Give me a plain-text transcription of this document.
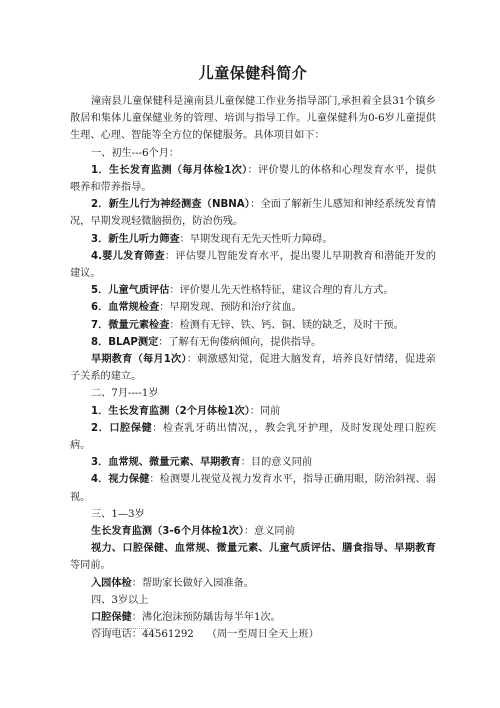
儿童保健科简介

潼南县儿童保健科是潼南县儿童保健工作业务指导部门,承担着全县31个镇乡散居和集体儿童保健业务的管理、培训与指导工作。儿童保健科为0-6岁儿童提供生理、心理、智能等全方位的保健服务。具体项目如下：

一、初生---6个月：

1．生长发育监测（每月体检1次）：评价婴儿的体格和心理发育水平，提供喂养和带养指导。

2．新生儿行为神经测查（NBNA）：全面了解新生儿感知和神经系统发育情况，早期发现轻微脑损伤，防治伤残。

3．新生儿听力筛查：早期发现有无先天性听力障碍。

4.婴儿发育筛查：评估婴儿智能发育水平，提出婴儿早期教育和潜能开发的建议。

5．儿童气质评估：评价婴儿先天性格特征，建议合理的育儿方式。

6．血常规检查：早期发现、预防和治疗贫血。

7．微量元素检查：检测有无锌、铁、钙、铜、镁的缺乏，及时干预。

8．BLAP测定：了解有无佝偻病倾向，提供指导。

早期教育（每月1次）：刺激感知觉，促进大脑发育，培养良好情绪，促进亲子关系的建立。

二、7月----1岁

1．生长发育监测（2个月体检1次）：同前

2．口腔保健：检查乳牙萌出情况，，教会乳牙护理，及时发现处理口腔疾病。

3．血常规、微量元素、早期教育：目的意义同前

4．视力保健：检测婴儿视觉及视力发育水平，指导正确用眼，防治斜视、弱视。

三、1—3岁

生长发育监测（3-6个月体检1次）：意义同前

视力、口腔保健、血常规、微量元素、儿童气质评估、膳食指导、早期教育等同前。

入园体检：帮助家长做好入园准备。

四、3岁以上

口腔保健：沸化泡沫预防龋齿每半年1次。

咨询电话：44561292 （周一至周日全天上班）
